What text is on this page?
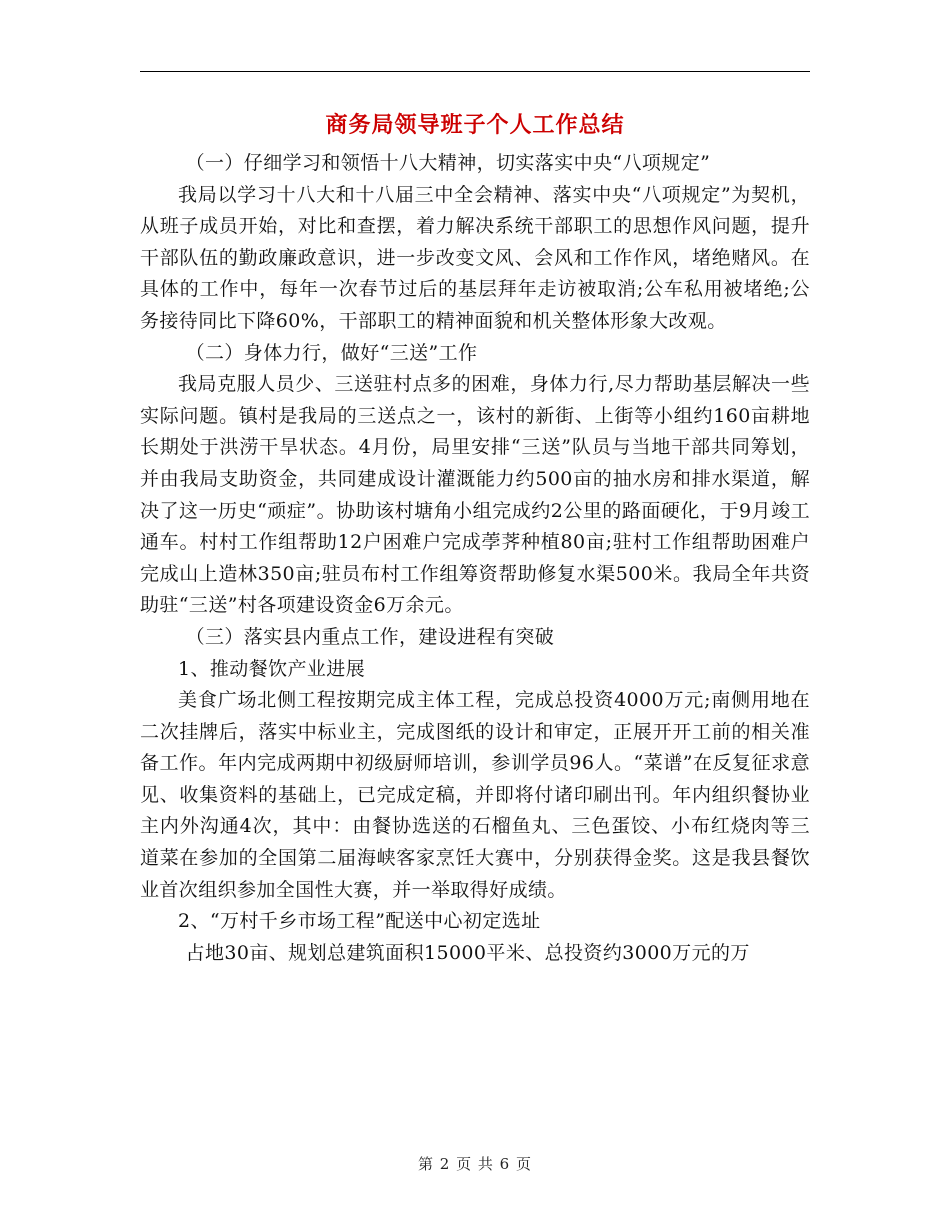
商务局领导班子个人工作总结

（一）仔细学习和领悟十八大精神，切实落实中央“八项规定”

我局以学习十八大和十八届三中全会精神、落实中央“八项规定”为契机，从班子成员开始，对比和查摆，着力解决系统干部职工的思想作风问题，提升干部队伍的勤政廉政意识，进一步改变文风、会风和工作作风，堵绝赌风。在具体的工作中，每年一次春节过后的基层拜年走访被取消;公车私用被堵绝;公务接待同比下降60%，干部职工的精神面貌和机关整体形象大改观。

（二）身体力行，做好“三送”工作

我局克服人员少、三送驻村点多的困难，身体力行,尽力帮助基层解决一些实际问题。镇村是我局的三送点之一，该村的新街、上街等小组约160亩耕地长期处于洪涝干旱状态。4月份，局里安排“三送”队员与当地干部共同筹划，并由我局支助资金，共同建成设计灌溉能力约500亩的抽水房和排水渠道，解决了这一历史“顽症”。协助该村塘角小组完成约2公里的路面硬化，于9月竣工通车。村村工作组帮助12户困难户完成荸荠种植80亩;驻村工作组帮助困难户完成山上造林350亩;驻员布村工作组筹资帮助修复水渠500米。我局全年共资助驻“三送”村各项建设资金6万余元。

（三）落实县内重点工作，建设进程有突破

1、推动餐饮产业进展

美食广场北侧工程按期完成主体工程，完成总投资4000万元;南侧用地在二次挂牌后，落实中标业主，完成图纸的设计和审定，正展开开工前的相关准备工作。年内完成两期中初级厨师培训，参训学员96人。“菜谱”在反复征求意见、收集资料的基础上，已完成定稿，并即将付诸印刷出刊。年内组织餐协业主内外沟通4次，其中：由餐协选送的石榴鱼丸、三色蛋饺、小布红烧肉等三道菜在参加的全国第二届海峡客家烹饪大赛中，分别获得金奖。这是我县餐饮业首次组织参加全国性大赛，并一举取得好成绩。

2、“万村千乡市场工程”配送中心初定选址

占地30亩、规划总建筑面积15000平米、总投资约3000万元的万

第 2 页 共 6 页
